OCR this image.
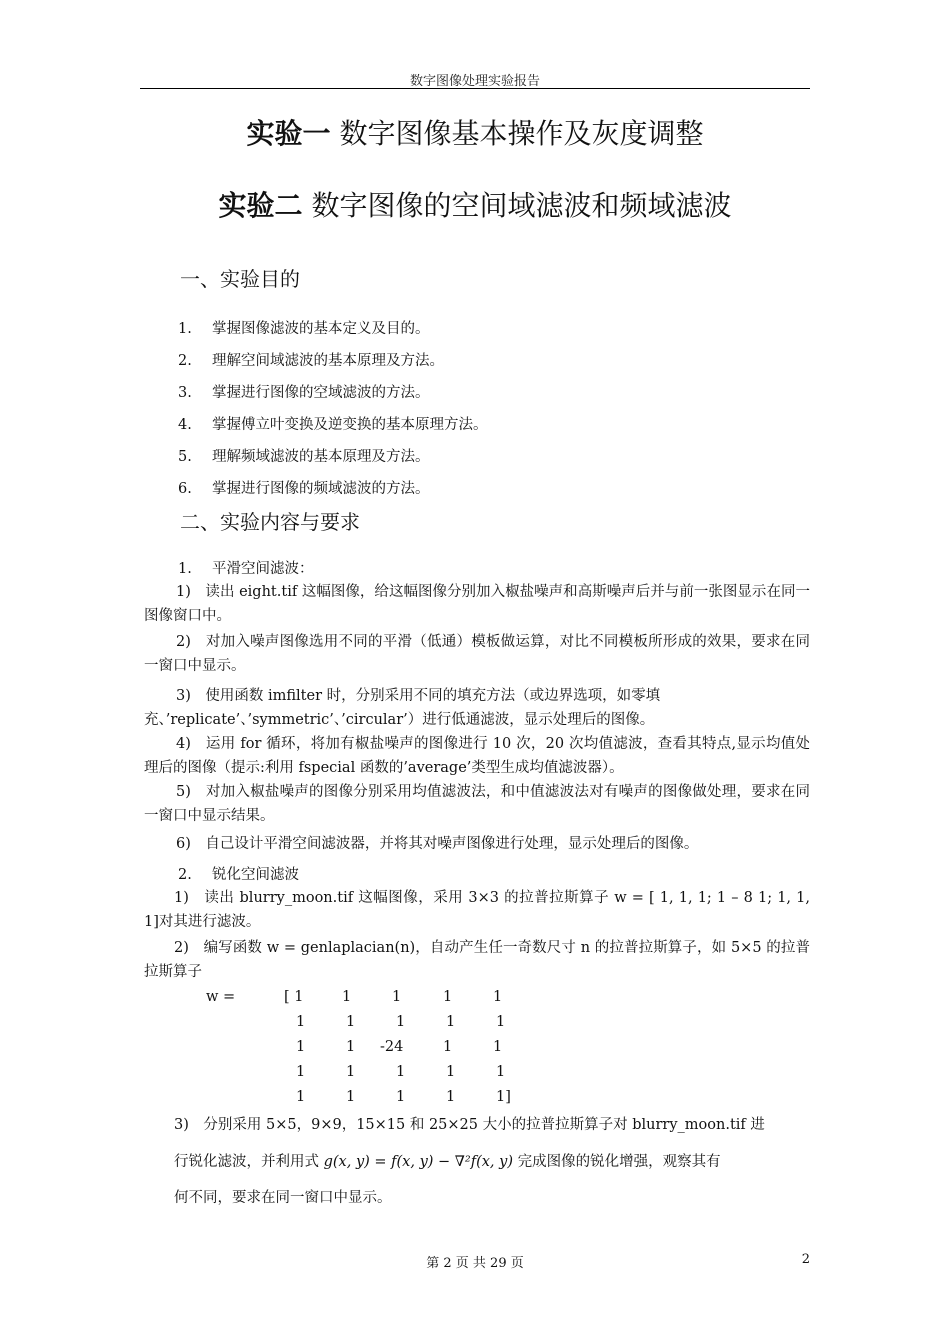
数字图像处理实验报告
实验一 数字图像基本操作及灰度调整
实验二 数字图像的空间域滤波和频域滤波
一、实验目的
1. 掌握图像滤波的基本定义及目的。
2. 理解空间域滤波的基本原理及方法。
3. 掌握进行图像的空域滤波的方法。
4. 掌握傅立叶变换及逆变换的基本原理方法。
5. 理解频域滤波的基本原理及方法。
6. 掌握进行图像的频域滤波的方法。
二、实验内容与要求
1. 平滑空间滤波：
1)　读出 eight.tif 这幅图像，给这幅图像分别加入椒盐噪声和高斯噪声后并与前一张图显示在同一图像窗口中。
2)　对加入噪声图像选用不同的平滑（低通）模板做运算，对比不同模板所形成的效果，要求在同一窗口中显示。
3)　使用函数 imfilter 时，分别采用不同的填充方法（或边界选项，如零填
充、’replicate’、’symmetric’、’circular’）进行低通滤波，显示处理后的图像。
4)　运用 for 循环，将加有椒盐噪声的图像进行 10 次，20 次均值滤波，查看其特点,显示均值处理后的图像（提示:利用 fspecial 函数的’average’类型生成均值滤波器）。
5)　对加入椒盐噪声的图像分别采用均值滤波法，和中值滤波法对有噪声的图像做处理，要求在同一窗口中显示结果。
6)　自己设计平滑空间滤波器，并将其对噪声图像进行处理，显示处理后的图像。
2. 锐化空间滤波
1)　读出 blurry_moon.tif 这幅图像，采用 3×3 的拉普拉斯算子 w = [ 1, 1, 1; 1 – 8 1; 1, 1, 1]对其进行滤波。
2)　编写函数 w = genlaplacian(n)，自动产生任一奇数尺寸 n 的拉普拉斯算子，如 5×5 的拉普拉斯算子
w =	[ 1	1	1	1	1
1	1	1	1	1
1	1 -24	1	1
1	1	1	1	1
1	1	1	1	1]
3)　分别采用 5×5，9×9，15×15 和 25×25 大小的拉普拉斯算子对 blurry_moon.tif 进
行锐化滤波，并利用式 g(x, y) = f(x, y) − ∇²f(x, y) 完成图像的锐化增强，观察其有
何不同，要求在同一窗口中显示。
第 2 页 共 29 页	2
